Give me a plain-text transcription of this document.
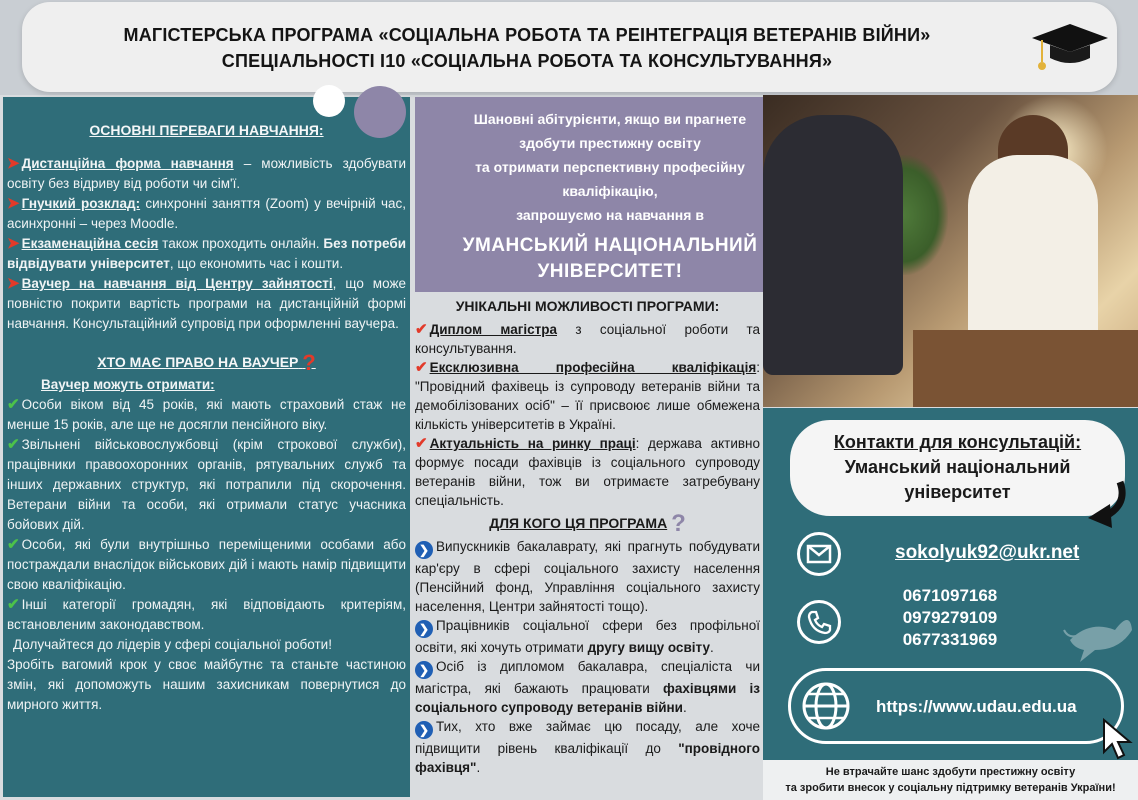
МАГІСТЕРСЬКА ПРОГРАМА «СОЦІАЛЬНА РОБОТА ТА РЕІНТЕГРАЦІЯ ВЕТЕРАНІВ ВІЙНИ»
СПЕЦІАЛЬНОСТІ І10 «СОЦІАЛЬНА РОБОТА ТА КОНСУЛЬТУВАННЯ»
ОСНОВНІ ПЕРЕВАГИ НАВЧАННЯ:

➤ Дистанційна форма навчання – можливість здобувати освіту без відриву від роботи чи сім'ї.

➤ Гнучкий розклад: синхронні заняття (Zoom) у вечірній час, асинхронні – через Moodle.

➤ Екзаменаційна сесія також проходить онлайн. Без потреби відвідувати університет, що економить час і кошти.

➤ Ваучер на навчання від Центру зайнятості, що може повністю покрити вартість програми на дистанційній формі навчання. Консультаційний супровід при оформленні ваучера.

ХТО МАЄ ПРАВО НА ВАУЧЕР ?
Ваучер можуть отримати:

✔ Особи віком від 45 років, які мають страховий стаж не менше 15 років, але ще не досягли пенсійного віку.

✔ Звільнені військовослужбовці (крім строкової служби), працівники правоохоронних органів, рятувальних служб та інших державних структур, які потрапили під скорочення. Ветерани війни та особи, які отримали статус учасника бойових дій.

✔ Особи, які були внутрішньо переміщеними особами або постраждали внаслідок військових дій і мають намір підвищити свою кваліфікацію.

✔ Інші категорії громадян, які відповідають критеріям, встановленим законодавством.

Долучайтеся до лідерів у сфері соціальної роботи!

Зробіть вагомий крок у своє майбутнє та станьте частиною змін, які допоможуть нашим захисникам повернутися до мирного життя.

Шановні абітурієнти, якщо ви прагнете
здобути престижну освіту
та отримати перспективну професійну
кваліфікацію,
запрошуємо на навчання в
УМАНСЬКИЙ НАЦІОНАЛЬНИЙ УНІВЕРСИТЕТ!
УНІКАЛЬНІ МОЖЛИВОСТІ ПРОГРАМИ:

✔ Диплом магістра з соціальної роботи та консультування.

✔ Ексклюзивна професійна кваліфікація: "Провідний фахівець із супроводу ветеранів війни та демобілізованих осіб" – її присвоює лише обмежена кількість університетів в Україні.

✔ Актуальність на ринку праці: держава активно формує посади фахівців із соціального супроводу ветеранів війни, тож ви отримаєте затребувану спеціальність.

ДЛЯ КОГО ЦЯ ПРОГРАМА ?

❯ Випускників бакалаврату, які прагнуть побудувати кар'єру в сфері соціального захисту населення (Пенсійний фонд, Управління соціального захисту населення, Центри зайнятості тощо).

❯ Працівників соціальної сфери без профільної освіти, які хочуть отримати другу вищу освіту.

❯ Осіб із дипломом бакалавра, спеціаліста чи магістра, які бажають працювати фахівцями із соціального супроводу ветеранів війни.

❯ Тих, хто вже займає цю посаду, але хоче підвищити рівень кваліфікації до "провідного фахівця".

Контакти для консультацій:
Уманський національний університет
sokolyuk92@ukr.net
0671097168
0979279109
0677331969
https://www.udau.edu.ua
Не втрачайте шанс здобути престижну освіту
та зробити внесок у соціальну підтримку ветеранів України!
